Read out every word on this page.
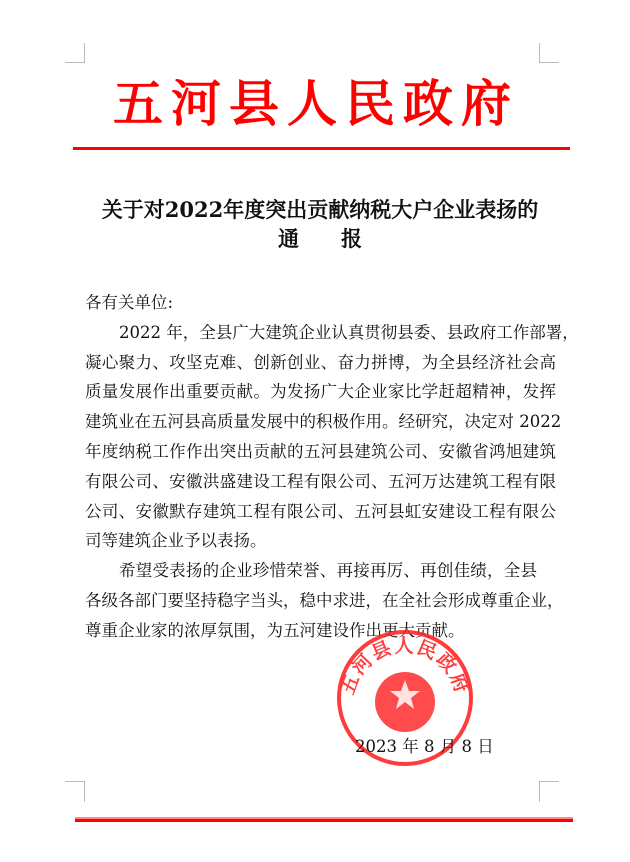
五河县人民政府
关于对2022年度突出贡献纳税大户企业表扬的
通　　报
各有关单位:
2022 年，全县广大建筑企业认真贯彻县委、县政府工作部署，
凝心聚力、攻坚克难、创新创业、奋力拼博，为全县经济社会高
质量发展作出重要贡献。为发扬广大企业家比学赶超精神，发挥
建筑业在五河县高质量发展中的积极作用。经研究，决定对 2022
年度纳税工作作出突出贡献的五河县建筑公司、安徽省鸿旭建筑
有限公司、安徽洪盛建设工程有限公司、五河万达建筑工程有限
公司、安徽默存建筑工程有限公司、五河县虹安建设工程有限公
司等建筑企业予以表扬。
希望受表扬的企业珍惜荣誉、再接再厉、再创佳绩，全县
各级各部门要坚持稳字当头，稳中求进，在全社会形成尊重企业，
尊重企业家的浓厚氛围，为五河建设作出更大贡献。
五河县人民政府
2023 年 8 月 8 日
